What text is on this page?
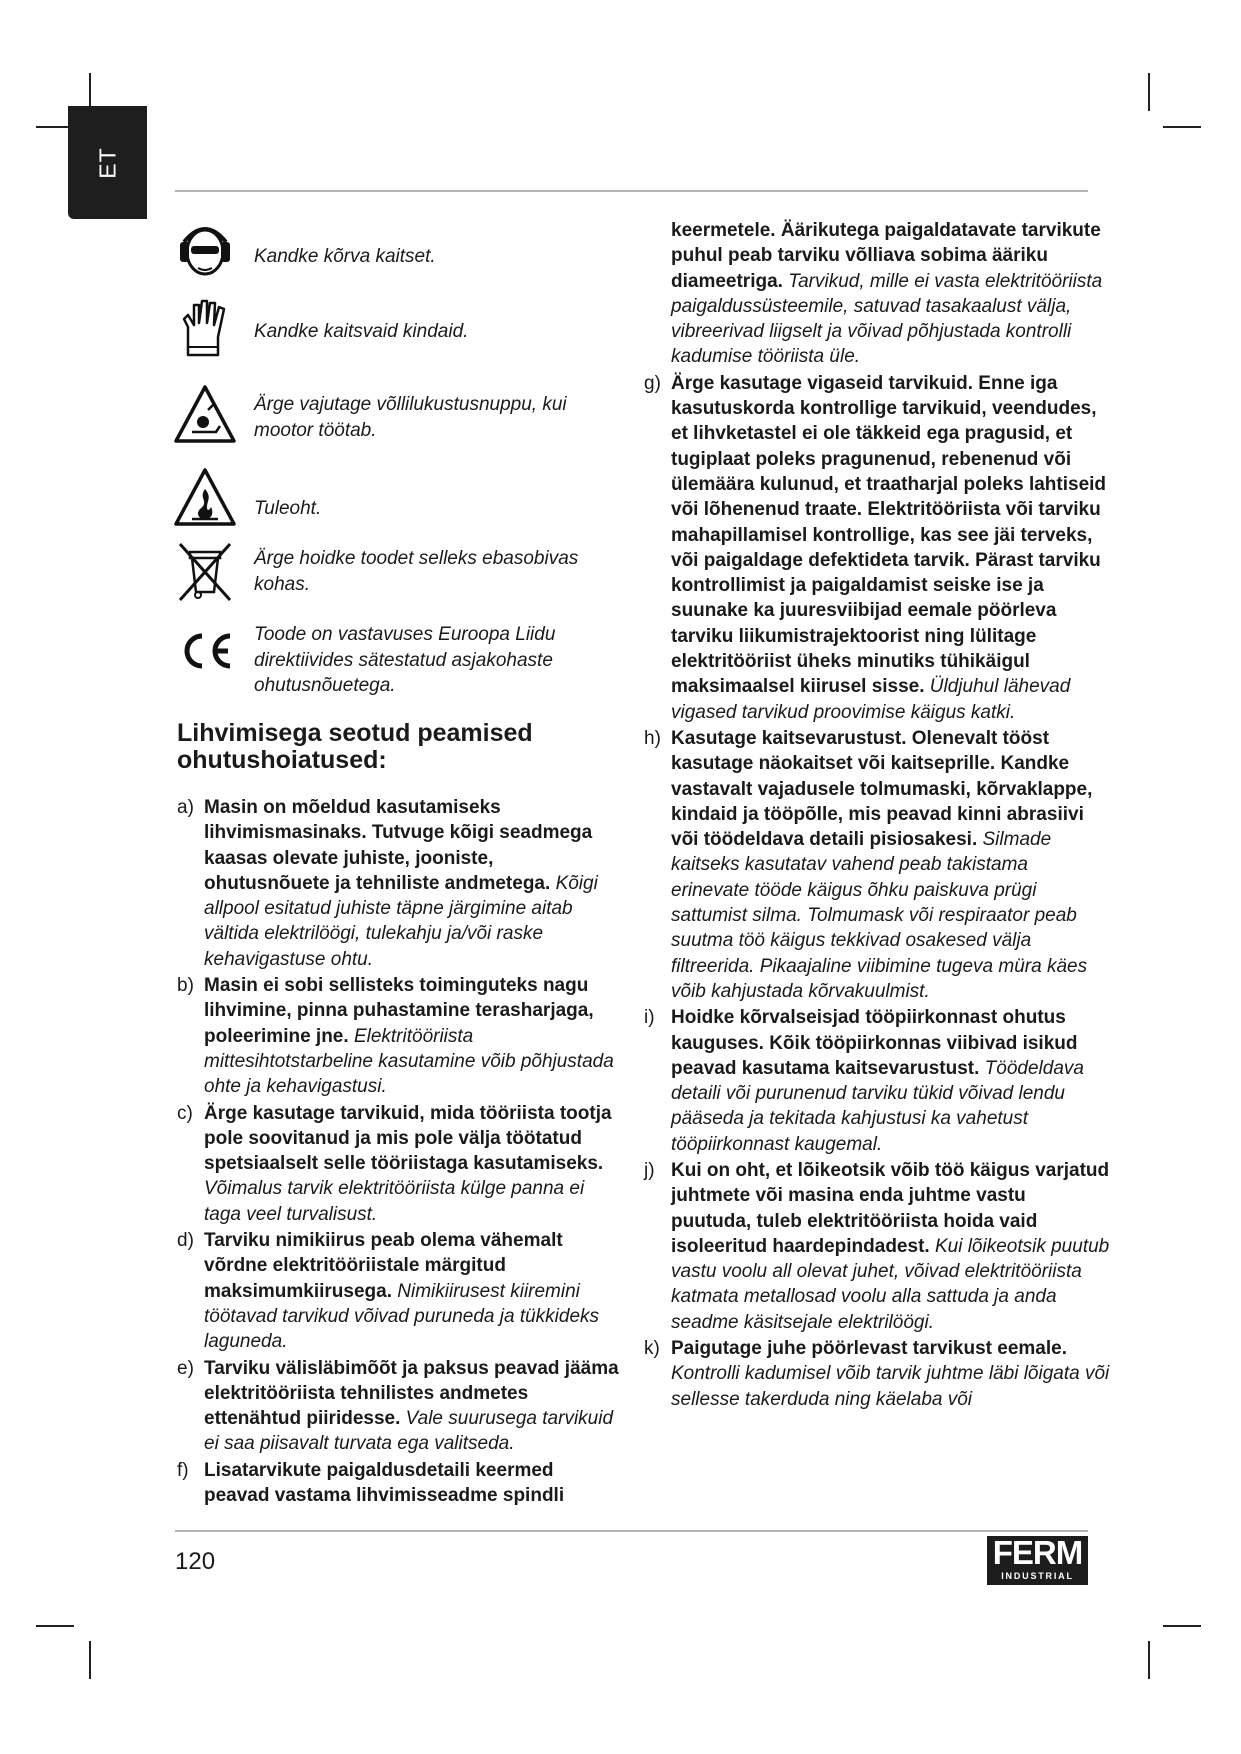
ET
Kandke kõrva kaitset.
Kandke kaitsvaid kindaid.
Ärge vajutage võllilukustusnuppu, kui mootor töötab.
Tuleoht.
Ärge hoidke toodet selleks ebasobivas kohas.
Toode on vastavuses Euroopa Liidu direktiivides sätestatud asjakohaste ohutusnõuetega.
Lihvimisega seotud peamised ohutushoiatused:
a) Masin on mõeldud kasutamiseks lihvimismasinaks. Tutvuge kõigi seadmega kaasas olevate juhiste, jooniste, ohutusnõuete ja tehniliste andmetega. Kõigi allpool esitatud juhiste täpne järgimine aitab vältida elektrilöögi, tulekahju ja/või raske kehavigastuse ohtu.
b) Masin ei sobi sellisteks toiminguteks nagu lihvimine, pinna puhastamine terasharjaga, poleerimine jne. Elektritööriista mittesihtotstarbeline kasutamine võib põhjustada ohte ja kehavigastusi.
c) Ärge kasutage tarvikuid, mida tööriista tootja pole soovitanud ja mis pole välja töötatud spetsiaalselt selle tööriistaga kasutamiseks. Võimalus tarvik elektritööriista külge panna ei taga veel turvalisust.
d) Tarviku nimikiirus peab olema vähemalt võrdne elektritööriistale märgitud maksimumkiirusega. Nimikiirusest kiiremini töötavad tarvikud võivad puruneda ja tükkideks laguneda.
e) Tarviku välisläbimõõt ja paksus peavad jääma elektritööriista tehnilistes andmetes ettenähtud piiridesse. Vale suurusega tarvikuid ei saa piisavalt turvata ega valitseda.
f) Lisatarvikute paigaldusdetaili keermed peavad vastama lihvimisseadme spindli
keermetele. Äärikutega paigaldatavate tarvikute puhul peab tarviku võlliava sobima ääriku diameetriga. Tarvikud, mille ei vasta elektritööriista paigaldussüsteemile, satuvad tasakaalust välja, vibreerivad liigselt ja võivad põhjustada kontrolli kadumise tööriista üle.
g) Ärge kasutage vigaseid tarvikuid. Enne iga kasutuskorda kontrollige tarvikuid, veendudes, et lihvketastel ei ole täkkeid ega pragusid, et tugiplaat poleks pragunenud, rebenenud või ülemäära kulunud, et traatharjal poleks lahtiseid või lõhenenud traate. Elektritööriista või tarviku mahapillamisel kontrollige, kas see jäi terveks, või paigaldage defektideta tarvik. Pärast tarviku kontrollimist ja paigaldamist seiske ise ja suunake ka juuresviibijad eemale pöörleva tarviku liikumistrajektoorist ning lülitage elektritööriist üheks minutiks tühikäigul maksimaalsel kiirusel sisse. Üldjuhul lähevad vigased tarvikud proovimise käigus katki.
h) Kasutage kaitsevarustust. Olenevalt tööst kasutage näokaitset või kaitseprille. Kandke vastavalt vajadusele tolmumaski, kõrvaklappe, kindaid ja tööpõlle, mis peavad kinni abrasiivi või töödeldava detaili pisiosakesi. Silmade kaitseks kasutatav vahend peab takistama erinevate tööde käigus õhku paiskuva prügi sattumist silma. Tolmumask või respiraator peab suutma töö käigus tekkivad osakesed välja filtreerida. Pikaajaline viibimine tugeva müra käes võib kahjustada kõrvakuulmist.
i) Hoidke kõrvalseisjad tööpiirkonnast ohutus kauguses. Kõik tööpiirkonnas viibivad isikud peavad kasutama kaitsevarustust. Töödeldava detaili või purunenud tarviku tükid võivad lendu pääseda ja tekitada kahjustusi ka vahetust tööpiirkonnast kaugemal.
j) Kui on oht, et lõikeotsik võib töö käigus varjatud juhtmete või masina enda juhtme vastu puutuda, tuleb elektritööriista hoida vaid isoleeritud haardepindadest. Kui lõikeotsik puutub vastu voolu all olevat juhet, võivad elektritööriista katmata metallosad voolu alla sattuda ja anda seadme käsitsejale elektrilöögi.
k) Paigutage juhe pöörlevast tarvikust eemale. Kontrolli kadumisel võib tarvik juhtme läbi lõigata või sellesse takerduda ning käelaba või
120	FERM
INDUSTRIAL
